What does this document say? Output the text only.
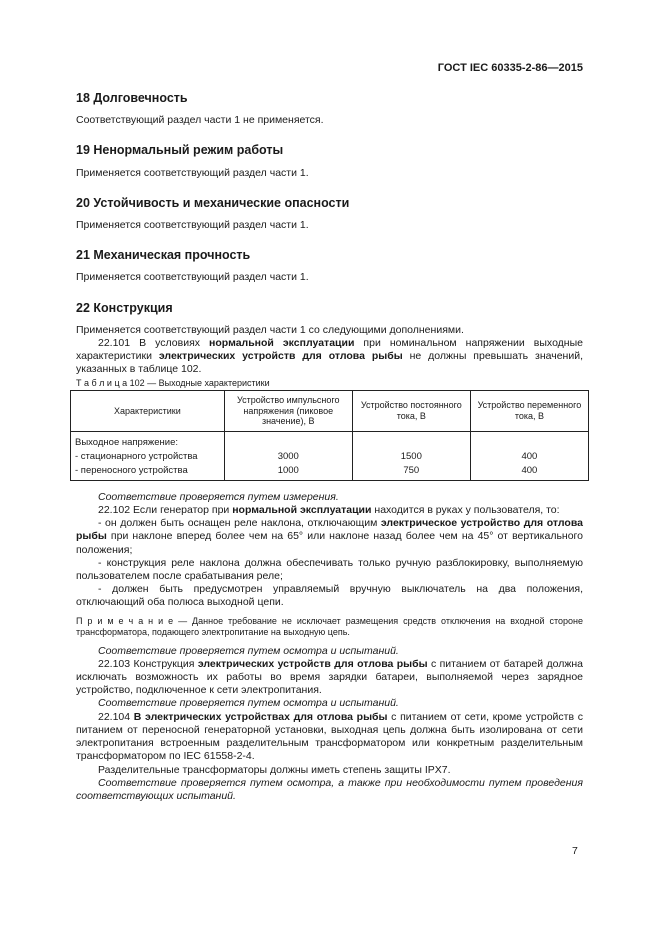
ГОСТ IEC 60335-2-86—2015

18 Долговечность

Соответствующий раздел части 1 не применяется.

19 Ненормальный режим работы

Применяется соответствующий раздел части 1.

20 Устойчивость и механические опасности

Применяется соответствующий раздел части 1.

21 Механическая прочность

Применяется соответствующий раздел части 1.

22 Конструкция

Применяется соответствующий раздел части 1 со следующими дополнениями.

22.101 В условиях нормальной эксплуатации при номинальном напряжении выходные характеристики электрических устройств для отлова рыбы не должны превышать значений, указанных в таблице 102.

Т а б л и ц а 102 — Выходные характеристики

Характеристики	Устройство импульсного напряжения (пиковое значение), В	Устройство постоянного тока, В	Устройство переменного тока, В
Выходное напряжение:			
- стационарного устройства	3000	1500	400
- переносного устройства	1000	750	400

Соответствие проверяется путем измерения.

22.102 Если генератор при нормальной эксплуатации находится в руках у пользователя, то:

- он должен быть оснащен реле наклона, отключающим электрическое устройство для отлова рыбы при наклоне вперед более чем на 65° или наклоне назад более чем на 45° от вертикального положения;

- конструкция реле наклона должна обеспечивать только ручную разблокировку, выполняемую пользователем после срабатывания реле;

- должен быть предусмотрен управляемый вручную выключатель на два положения, отключающий оба полюса выходной цепи.

П р и м е ч а н и е — Данное требование не исключает размещения средств отключения на входной стороне трансформатора, подающего электропитание на выходную цепь.

Соответствие проверяется путем осмотра и испытаний.

22.103 Конструкция электрических устройств для отлова рыбы с питанием от батарей должна исключать возможность их работы во время зарядки батареи, выполняемой через зарядное устройство, подключенное к сети электропитания.

Соответствие проверяется путем осмотра и испытаний.

22.104 В электрических устройствах для отлова рыбы с питанием от сети, кроме устройств с питанием от переносной генераторной установки, выходная цепь должна быть изолирована от сети электропитания встроенным разделительным трансформатором или конкретным разделительным трансформатором по IEC 61558-2-4.

Разделительные трансформаторы должны иметь степень защиты IPX7.

Соответствие проверяется путем осмотра, а также при необходимости путем проведения соответствующих испытаний.

7
